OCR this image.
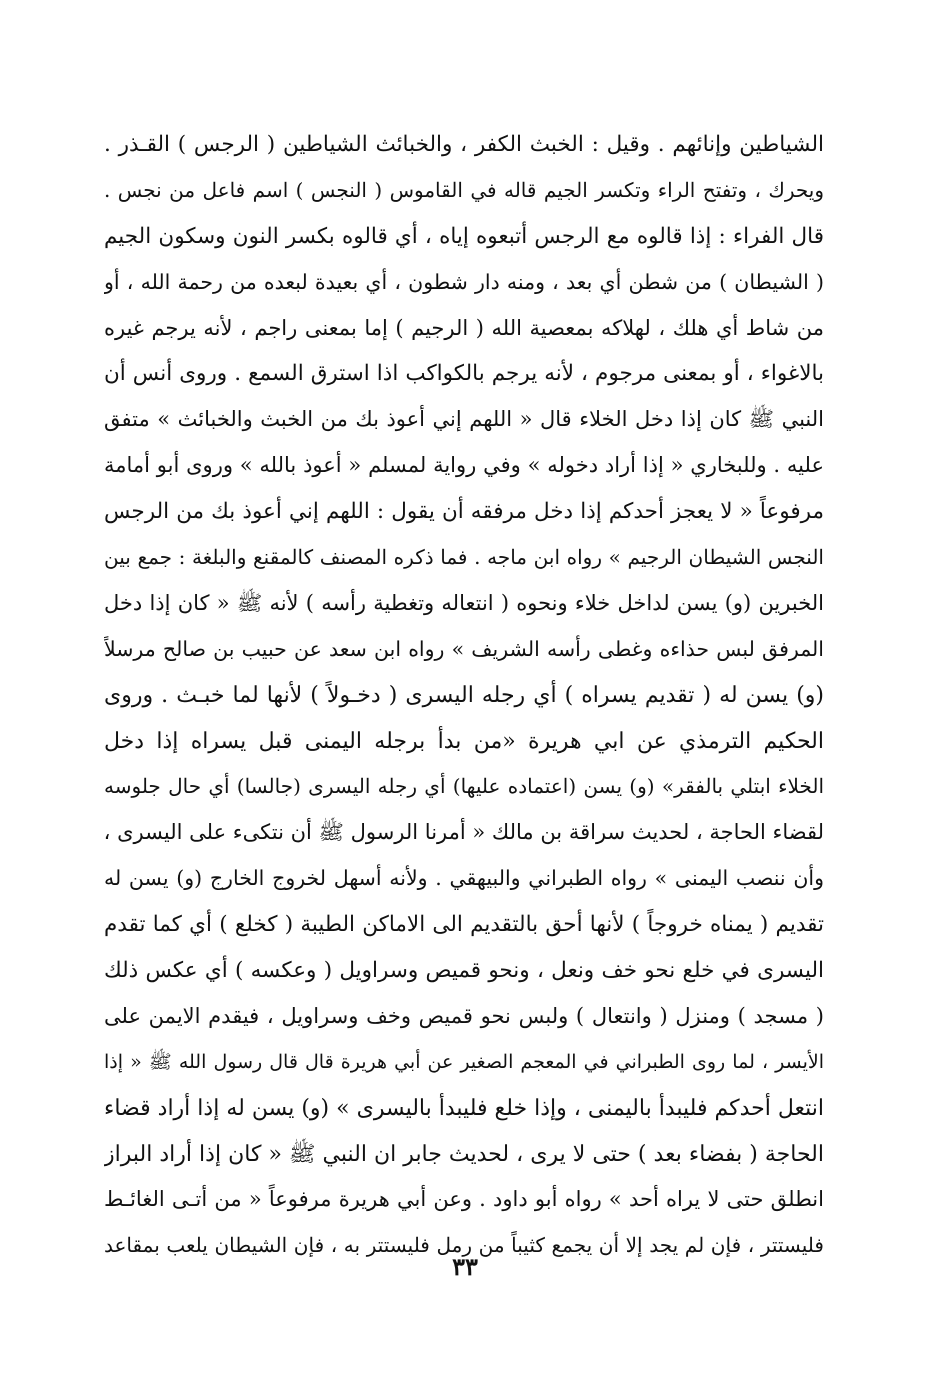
الشياطين وإنائهم . وقيل : الخبث الكفر ، والخبائث الشياطين ( الرجس ) القـذر .
ويحرك ، وتفتح الراء وتكسر الجيم قاله في القاموس ( النجس ) اسم فاعل من نجس .
قال الفراء : إذا قالوه مع الرجس أتبعوه إياه ، أي قالوه بكسر النون وسكون الجيم
( الشيطان ) من شطن أي بعد ، ومنه دار شطون ، أي بعيدة لبعده من رحمة الله ، أو
من شاط أي هلك ، لهلاكه بمعصية الله ( الرجيم ) إما بمعنى راجم ، لأنه يرجم غيره
بالاغواء ، أو بمعنى مرجوم ، لأنه يرجم بالكواكب اذا استرق السمع . وروى أنس أن
النبي ﷺ كان إذا دخل الخلاء قال « اللهم إني أعوذ بك من الخبث والخبائث » متفق
عليه . وللبخاري « إذا أراد دخوله » وفي رواية لمسلم « أعوذ بالله » وروى أبو أمامة
مرفوعاً « لا يعجز أحدكم إذا دخل مرفقه أن يقول : اللهم إني أعوذ بك من الرجس
النجس الشيطان الرجيم » رواه ابن ماجه . فما ذكره المصنف كالمقنع والبلغة : جمع بين
الخبرين (و) يسن لداخل خلاء ونحوه ( انتعاله وتغطية رأسه ) لأنه ﷺ « كان إذا دخل
المرفق لبس حذاءه وغطى رأسه الشريف » رواه ابن سعد عن حبيب بن صالح مرسلاً
(و) يسن له ( تقديم يسراه ) أي رجله اليسرى ( دخـولاً ) لأنها لما خبـث . وروى
الحكيم الترمذي عن ابي هريرة «من بدأ برجله اليمنى قبل يسراه إذا دخل
الخلاء ابتلي بالفقر» (و) يسن (اعتماده عليها) أي رجله اليسرى (جالسا) أي حال جلوسه
لقضاء الحاجة ، لحديث سراقة بن مالك « أمرنا الرسول ﷺ أن نتكىء على اليسرى ،
وأن ننصب اليمنى » رواه الطبراني والبيهقي . ولأنه أسهل لخروج الخارج (و) يسن له
تقديم ( يمناه خروجاً ) لأنها أحق بالتقديم الى الاماكن الطيبة ( كخلع ) أي كما تقدم
اليسرى في خلع نحو خف ونعل ، ونحو قميص وسراويل ( وعكسه ) أي عكس ذلك
( مسجد ) ومنزل ( وانتعال ) ولبس نحو قميص وخف وسراويل ، فيقدم الايمن على
الأيسر ، لما روى الطبراني في المعجم الصغير عن أبي هريرة قال قال رسول الله ﷺ « إذا
انتعل أحدكم فليبدأ باليمنى ، وإذا خلع فليبدأ باليسرى » (و) يسن له إذا أراد قضاء
الحاجة ( بفضاء بعد ) حتى لا يرى ، لحديث جابر ان النبي ﷺ « كان إذا أراد البراز
انطلق حتى لا يراه أحد » رواه أبو داود . وعن أبي هريرة مرفوعاً « من أتـى الغائـط
فليستتر ، فإن لم يجد إلا أن يجمع كثيباً من رمل فليستتر به ، فإن الشيطان يلعب بمقاعد
٣٣
